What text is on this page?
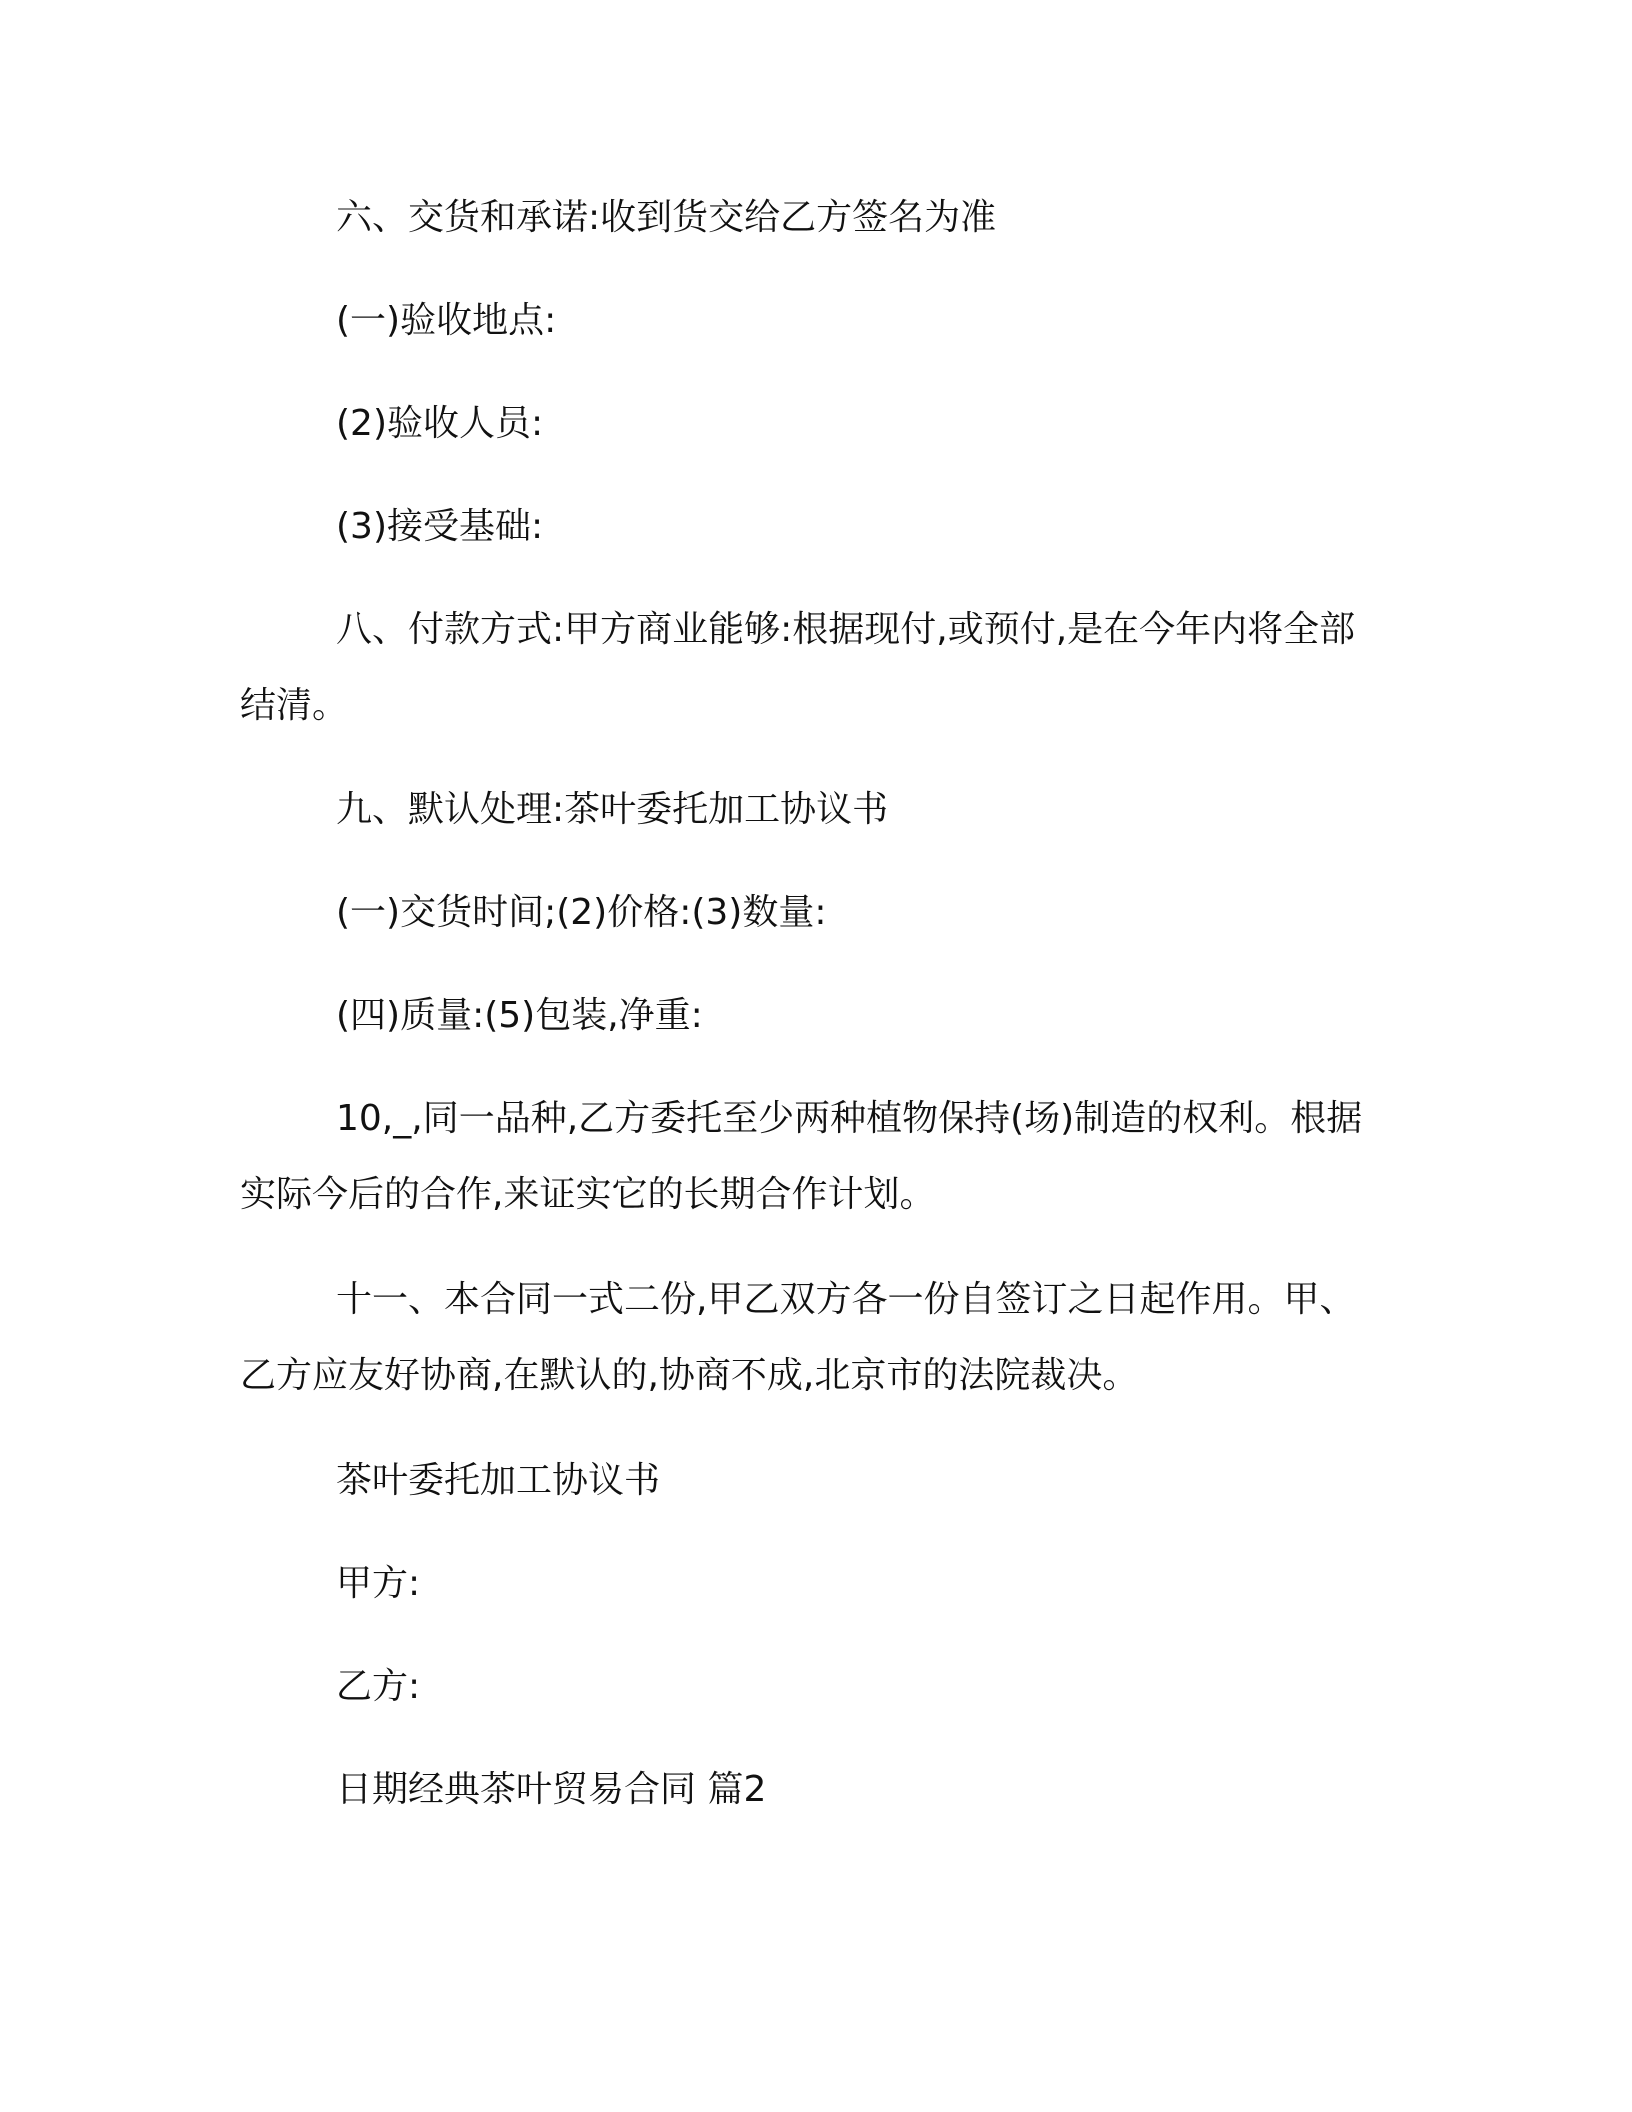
六、交货和承诺:收到货交给乙方签名为准

(一)验收地点:

(2)验收人员:

(3)接受基础:

八、付款方式:甲方商业能够:根据现付,或预付,是在今年内将全部结清。

九、默认处理:茶叶委托加工协议书

(一)交货时间;(2)价格:(3)数量:

(四)质量:(5)包装,净重:

10,_,同一品种,乙方委托至少两种植物保持(场)制造的权利。根据实际今后的合作,来证实它的长期合作计划。

十一、本合同一式二份,甲乙双方各一份自签订之日起作用。甲、乙方应友好协商,在默认的,协商不成,北京市的法院裁决。

茶叶委托加工协议书

甲方:

乙方:

日期经典茶叶贸易合同 篇2
